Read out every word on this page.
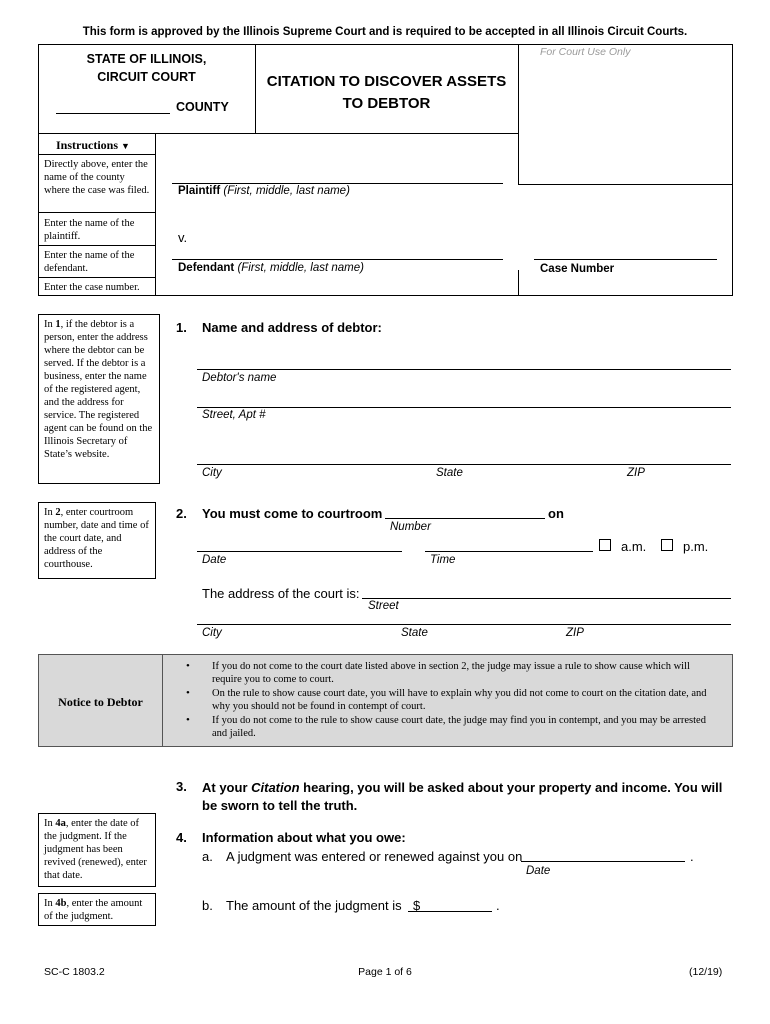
This form is approved by the Illinois Supreme Court and is required to be accepted in all Illinois Circuit Courts.
STATE OF ILLINOIS,
CIRCUIT COURT
COUNTY
CITATION TO DISCOVER ASSETS
TO DEBTOR
For Court Use Only
Instructions ▼
Directly above, enter the name of the county where the case was filed.
Enter the name of the plaintiff.
Enter the name of the defendant.
Enter the case number.
Plaintiff (First, middle, last name)
v.
Defendant (First, middle, last name)	Case Number
In 1, if the debtor is a person, enter the address where the debtor can be served. If the debtor is a business, enter the name of the registered agent, and the address for service. The registered agent can be found on the Illinois Secretary of State’s website.
1. Name and address of debtor:
Debtor's name
Street, Apt #
City	State	ZIP
In 2, enter courtroom number, date and time of the court date, and address of the courthouse.
2. You must come to courtroom	on
Number
Date	Time
a.m.	p.m.
The address of the court is:
Street
City	State	ZIP
Notice to Debtor
• If you do not come to the court date listed above in section 2, the judge may issue a rule to show cause which will require you to come to court.
• On the rule to show cause court date, you will have to explain why you did not come to court on the citation date, and why you should not be found in contempt of court.
• If you do not come to the rule to show cause court date, the judge may find you in contempt, and you may be arrested and jailed.
3. At your Citation hearing, you will be asked about your property and income. You will be sworn to tell the truth.
In 4a, enter the date of the judgment. If the judgment has been revived (renewed), enter that date.
In 4b, enter the amount of the judgment.
4. Information about what you owe:
a. A judgment was entered or renewed against you on	.
Date
b. The amount of the judgment is $	.
SC-C 1803.2	Page 1 of 6	(12/19)
